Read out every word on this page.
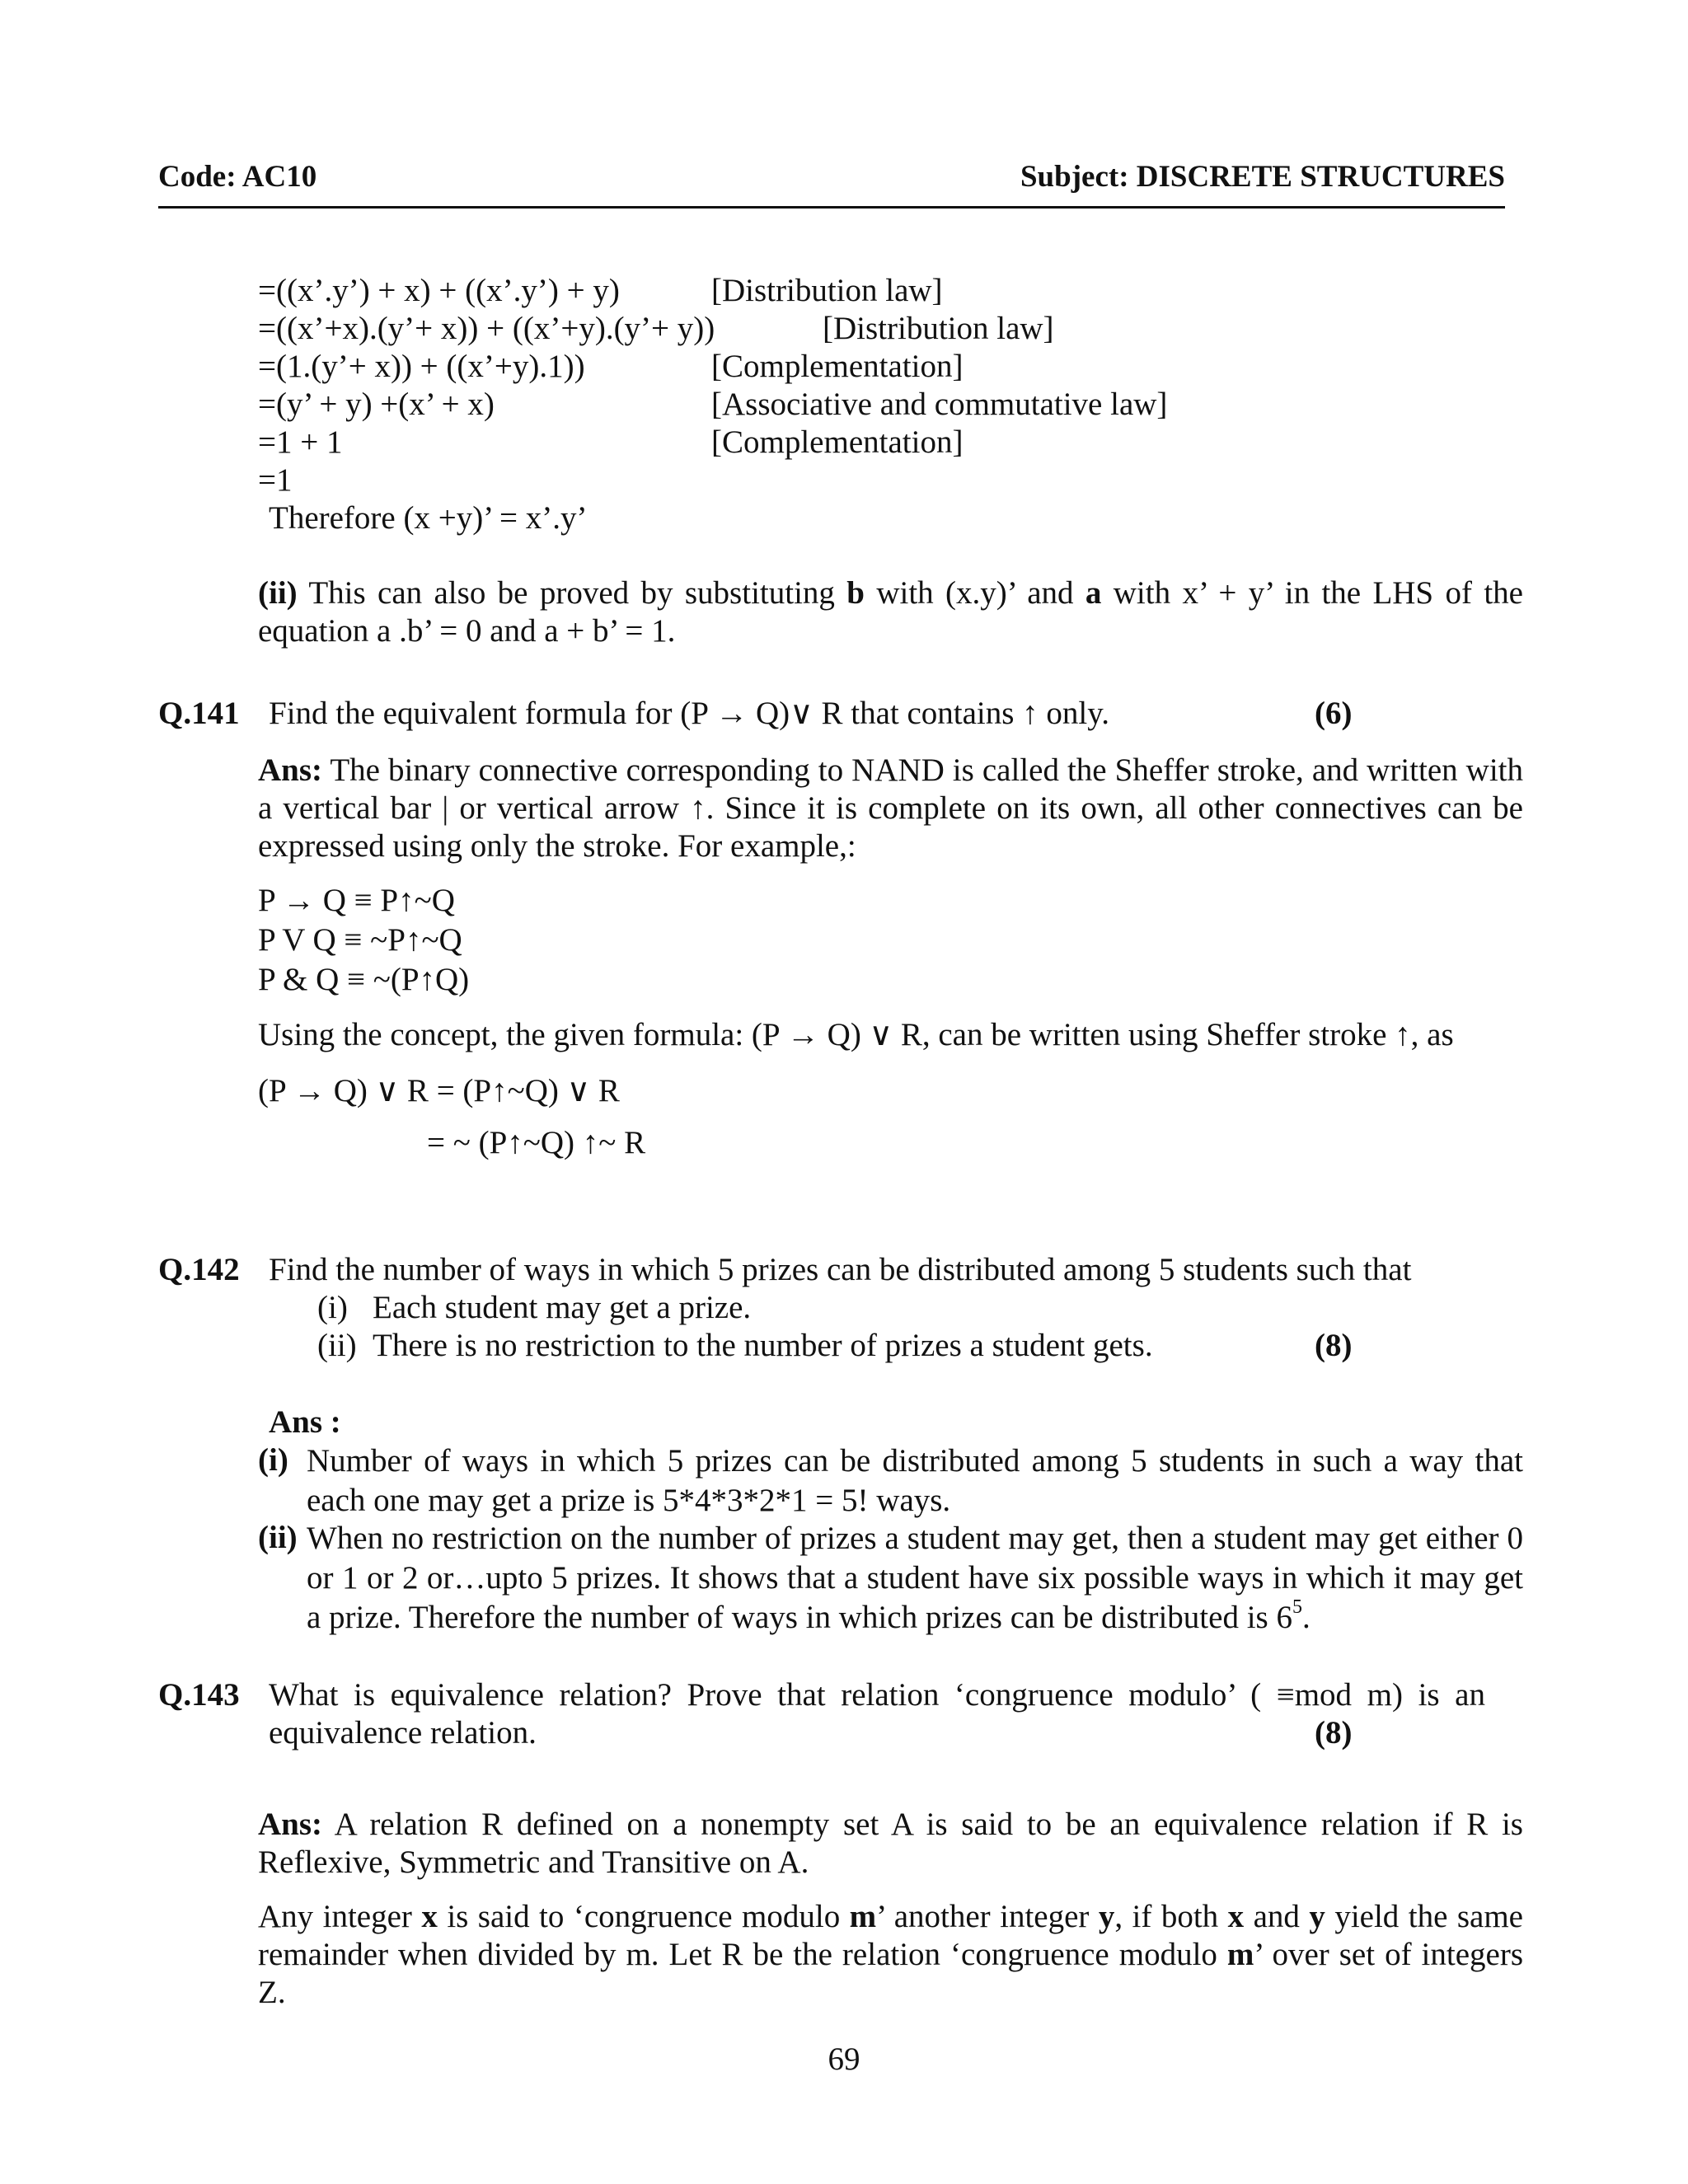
Code: AC10	Subject: DISCRETE STRUCTURES
=((x’.y’) + x) + ((x’.y’) + y)	[Distribution law]
=((x’+x).(y’+ x)) + ((x’+y).(y’+ y))	[Distribution law]
=(1.(y’+ x)) + ((x’+y).1))	[Complementation]
=(y’ + y) +(x’ + x)	[Associative and commutative law]
=1 + 1	[Complementation]
=1
Therefore (x +y)’ = x’.y’
(ii) This can also be proved by substituting b with (x.y)’ and a with x’ + y’ in the LHS of the equation a .b’ = 0 and a + b’ = 1.
Q.141 Find the equivalent formula for (P → Q)∨ R that contains ↑ only.	(6)
Ans: The binary connective corresponding to NAND is called the Sheffer stroke, and written with a vertical bar | or vertical arrow ↑. Since it is complete on its own, all other connectives can be expressed using only the stroke. For example,:
P → Q ≡ P↑~Q
P V Q ≡ ~P↑~Q
P & Q ≡ ~(P↑Q)
Using the concept, the given formula: (P → Q) ∨ R, can be written using Sheffer stroke ↑, as
(P → Q) ∨ R = (P↑~Q) ∨ R
= ~ (P↑~Q) ↑~ R
Q.142 Find the number of ways in which 5 prizes can be distributed among 5 students such that
(i) Each student may get a prize.
(ii) There is no restriction to the number of prizes a student gets.	(8)
Ans :
(i) Number of ways in which 5 prizes can be distributed among 5 students in such a way that each one may get a prize is 5*4*3*2*1 = 5! ways.
(ii) When no restriction on the number of prizes a student may get, then a student may get either 0 or 1 or 2 or…upto 5 prizes. It shows that a student have six possible ways in which it may get a prize. Therefore the number of ways in which prizes can be distributed is $6^5$.
Q.143 What is equivalence relation? Prove that relation ‘congruence modulo’ ( ≡mod m) is an
equivalence relation.	(8)
Ans: A relation R defined on a nonempty set A is said to be an equivalence relation if R is Reflexive, Symmetric and Transitive on A.
Any integer x is said to ‘congruence modulo m’ another integer y, if both x and y yield the same remainder when divided by m. Let R be the relation ‘congruence modulo m’ over set of integers Z.
69
